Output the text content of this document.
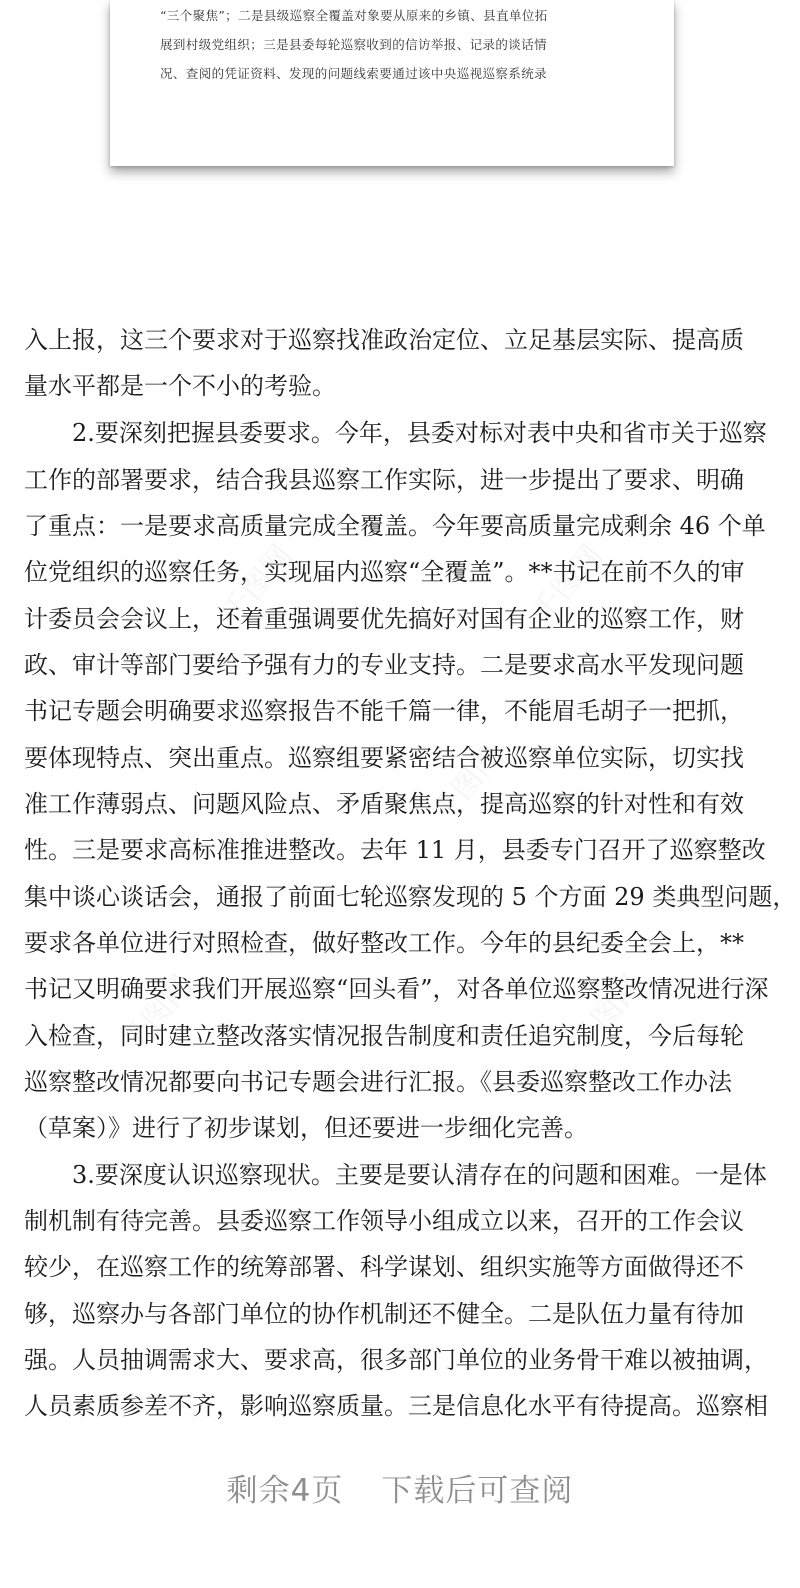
“三个聚焦”；二是县级巡察全覆盖对象要从原来的乡镇、县直单位拓
展到村级党组织；三是县委每轮巡察收到的信访举报、记录的谈话情
况、查阅的凭证资料、发现的问题线索要通过该中央巡视巡察系统录
入上报，这三个要求对于巡察找准政治定位、立足基层实际、提高质
量水平都是一个不小的考验。
2.要深刻把握县委要求。今年，县委对标对表中央和省市关于巡察
工作的部署要求，结合我县巡察工作实际，进一步提出了要求、明确
了重点：一是要求高质量完成全覆盖。今年要高质量完成剩余 46 个单
位党组织的巡察任务，实现届内巡察“全覆盖”。**书记在前不久的审
计委员会会议上，还着重强调要优先搞好对国有企业的巡察工作，财
政、审计等部门要给予强有力的专业支持。二是要求高水平发现问题
书记专题会明确要求巡察报告不能千篇一律，不能眉毛胡子一把抓，
要体现特点、突出重点。巡察组要紧密结合被巡察单位实际，切实找
准工作薄弱点、问题风险点、矛盾聚焦点，提高巡察的针对性和有效
性。三是要求高标准推进整改。去年 11 月，县委专门召开了巡察整改
集中谈心谈话会，通报了前面七轮巡察发现的 5 个方面 29 类典型问题，
要求各单位进行对照检查，做好整改工作。今年的县纪委全会上，**
书记又明确要求我们开展巡察“回头看”，对各单位巡察整改情况进行深
入检查，同时建立整改落实情况报告制度和责任追究制度，今后每轮
巡察整改情况都要向书记专题会进行汇报。《县委巡察整改工作办法
（草案）》进行了初步谋划，但还要进一步细化完善。
3.要深度认识巡察现状。主要是要认清存在的问题和困难。一是体
制机制有待完善。县委巡察工作领导小组成立以来，召开的工作会议
较少，在巡察工作的统筹部署、科学谋划、组织实施等方面做得还不
够，巡察办与各部门单位的协作机制还不健全。二是队伍力量有待加
强。人员抽调需求大、要求高，很多部门单位的业务骨干难以被抽调，
人员素质参差不齐，影响巡察质量。三是信息化水平有待提高。巡察相
剩余4页 下载后可查阅
